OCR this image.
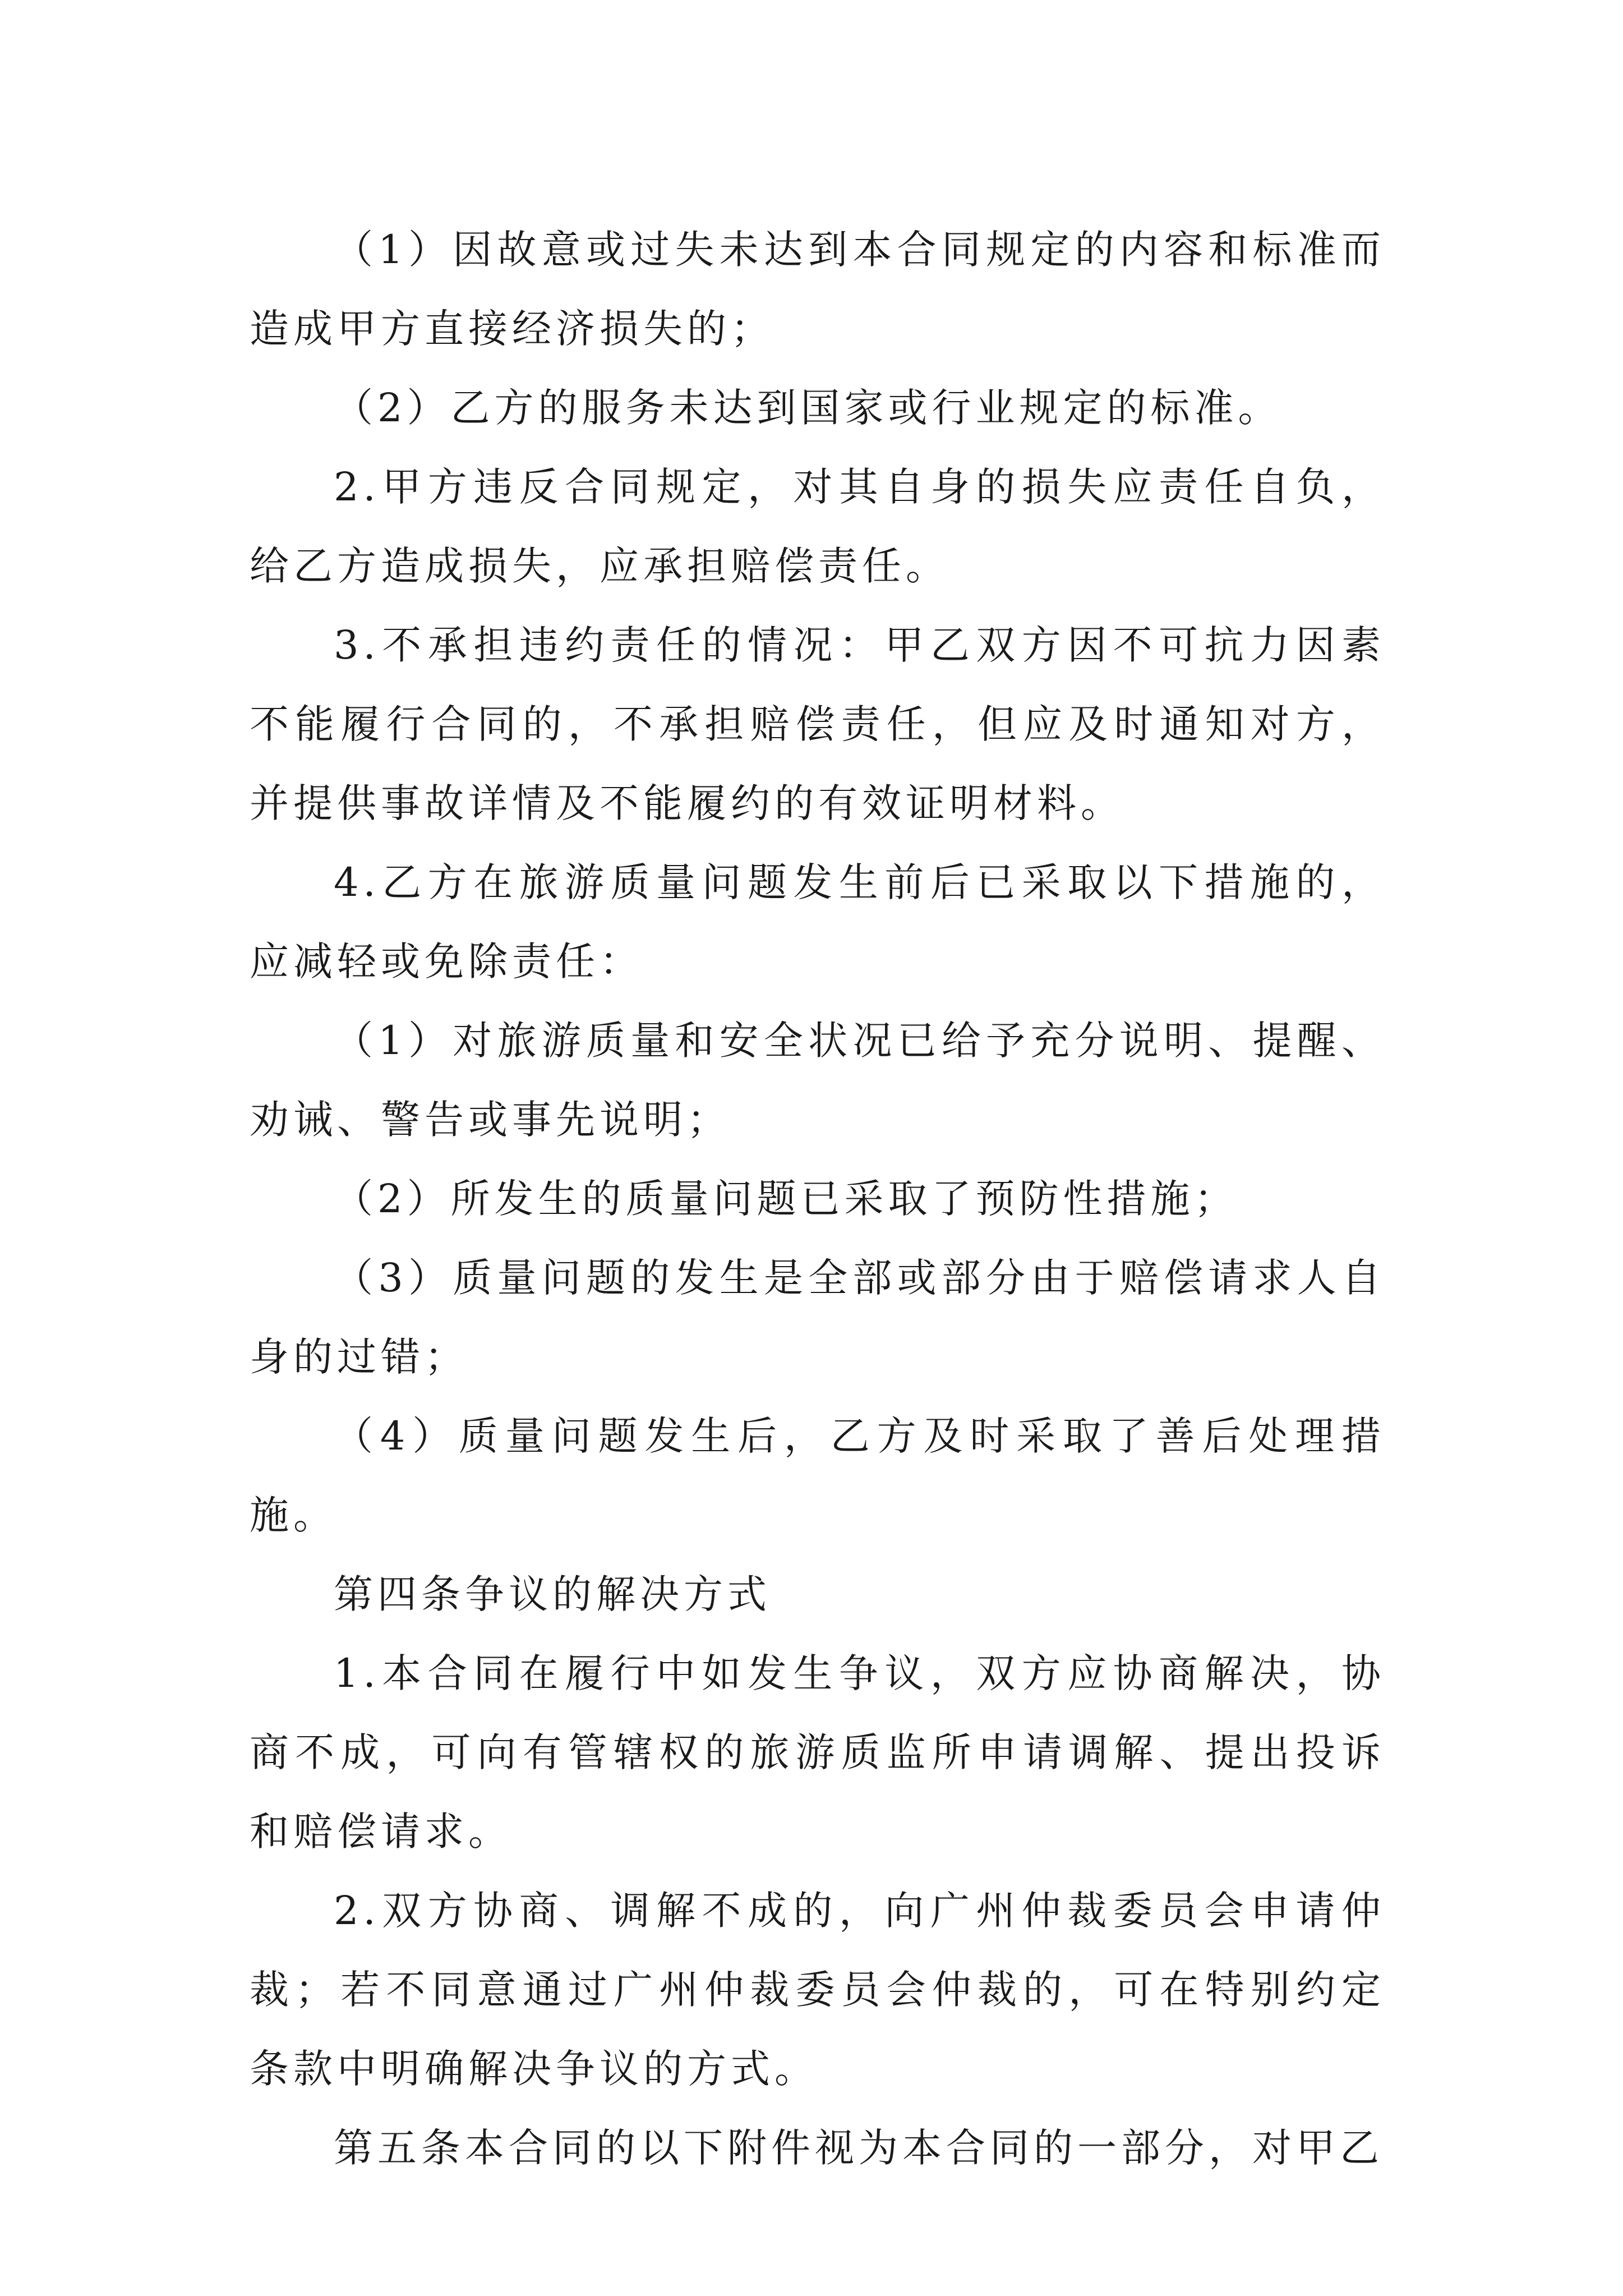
（1）因故意或过失未达到本合同规定的内容和标准而造成甲方直接经济损失的；

（2）乙方的服务未达到国家或行业规定的标准。

2.甲方违反合同规定，对其自身的损失应责任自负，给乙方造成损失，应承担赔偿责任。

3.不承担违约责任的情况：甲乙双方因不可抗力因素不能履行合同的，不承担赔偿责任，但应及时通知对方，并提供事故详情及不能履约的有效证明材料。

4.乙方在旅游质量问题发生前后已采取以下措施的，应减轻或免除责任：

（1）对旅游质量和安全状况已给予充分说明、提醒、劝诫、警告或事先说明；

（2）所发生的质量问题已采取了预防性措施；

（3）质量问题的发生是全部或部分由于赔偿请求人自身的过错；

（4）质量问题发生后，乙方及时采取了善后处理措施。

第四条争议的解决方式

1.本合同在履行中如发生争议，双方应协商解决，协商不成，可向有管辖权的旅游质监所申请调解、提出投诉和赔偿请求。

2.双方协商、调解不成的，向广州仲裁委员会申请仲裁；若不同意通过广州仲裁委员会仲裁的，可在特别约定条款中明确解决争议的方式。

第五条本合同的以下附件视为本合同的一部分，对甲乙
